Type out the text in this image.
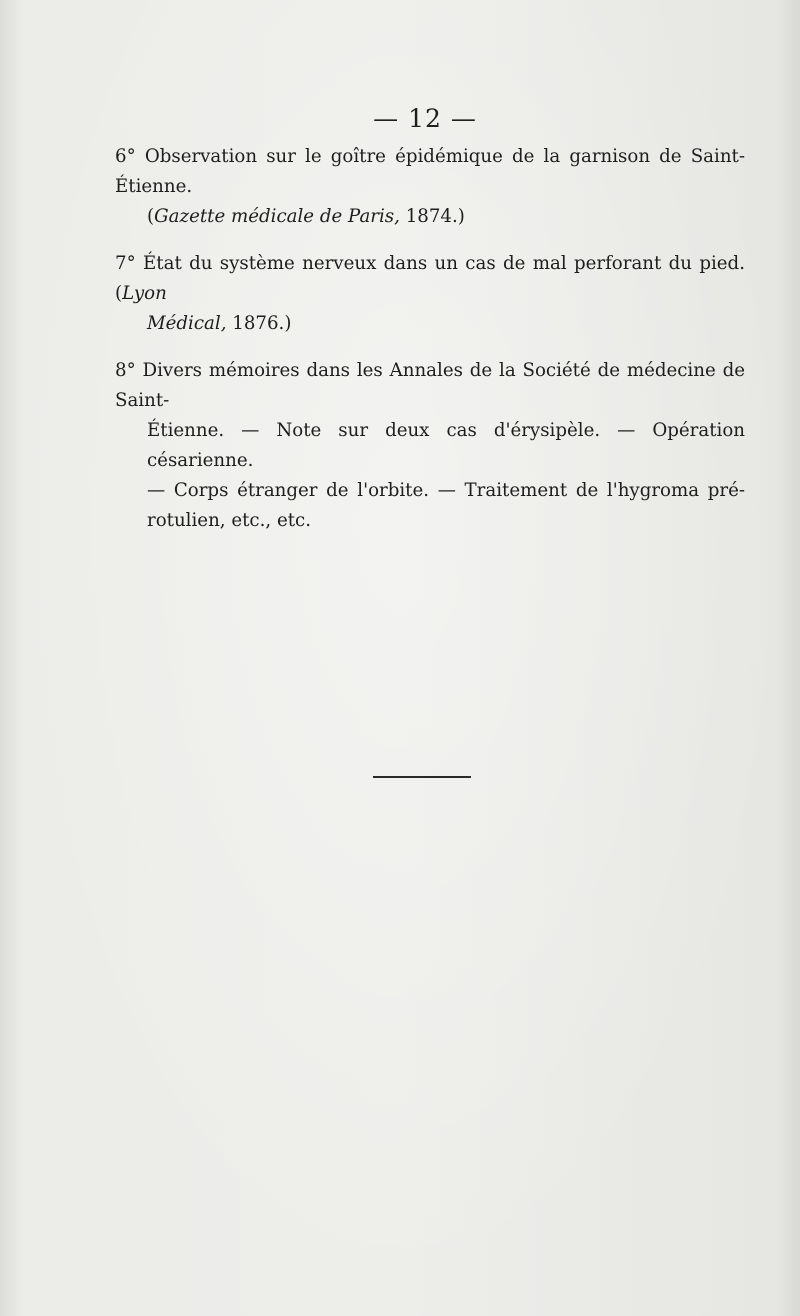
— 12 —
6° Observation sur le goître épidémique de la garnison de Saint-Étienne.
(Gazette médicale de Paris, 1874.)
7° État du système nerveux dans un cas de mal perforant du pied. (Lyon
Médical, 1876.)
8° Divers mémoires dans les Annales de la Société de médecine de Saint-
Étienne. — Note sur deux cas d'érysipèle. — Opération césarienne.
— Corps étranger de l'orbite. — Traitement de l'hygroma pré-
rotulien, etc., etc.
